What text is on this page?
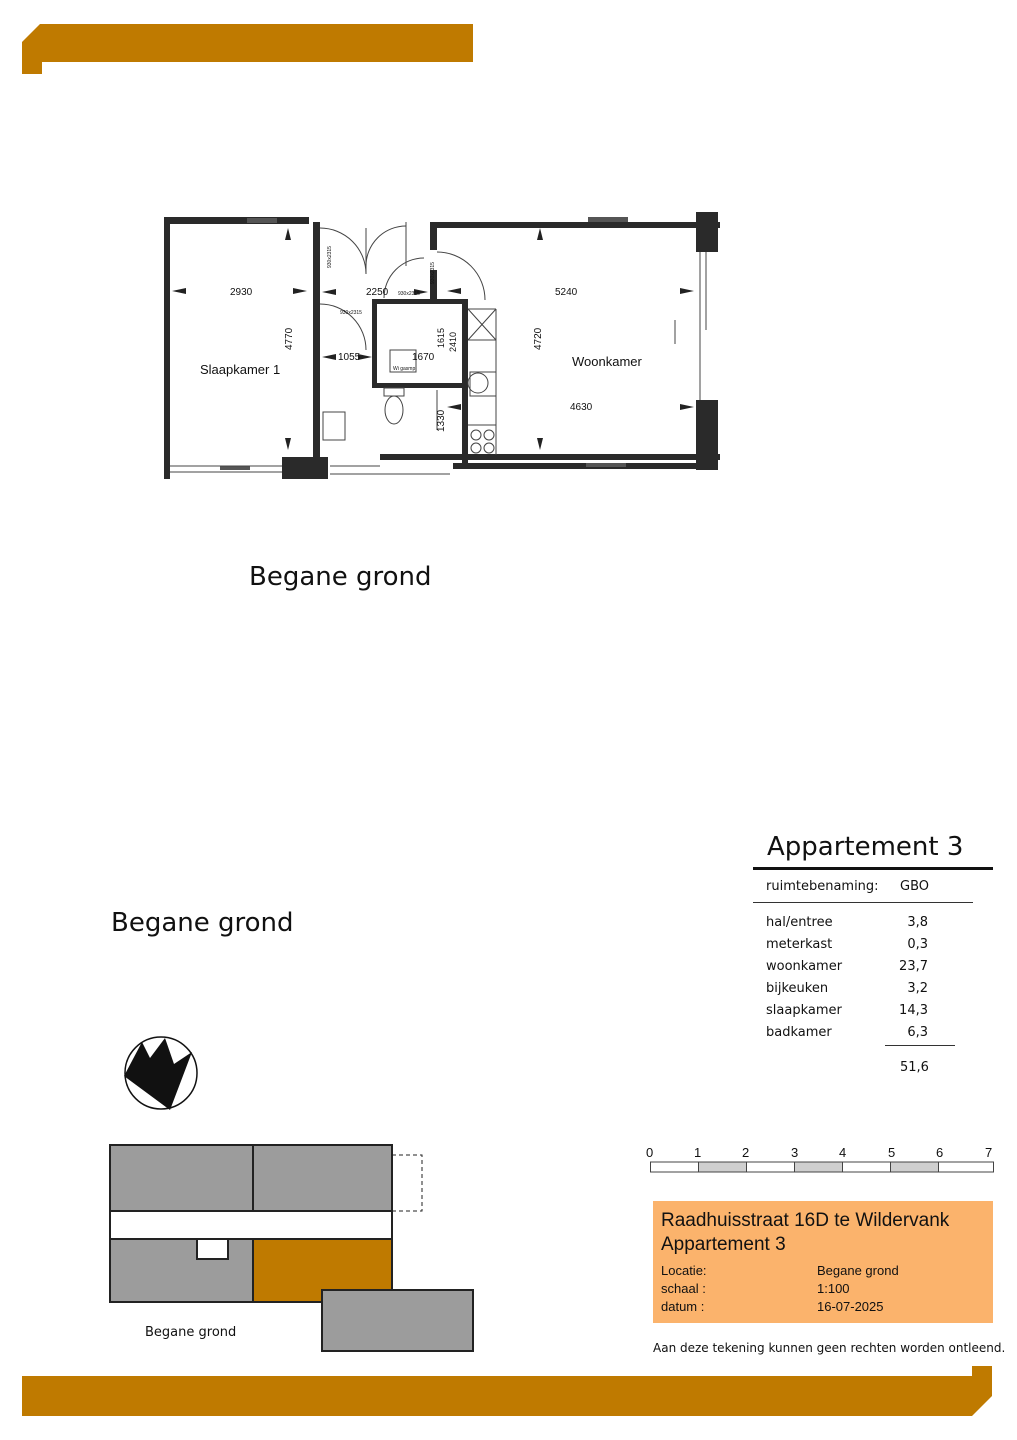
2930
4770
Slaapkamer 1
2250
1055	1670
1615 2410
1330
5240
4720
Woonkamer
4630
930x2315
930x2315
930x2315
930x2315
Wi gasmp
Begane grond
Begane grond
Appartement 3
ruimtebenaming: GBO
hal/entree	3,8
meterkast	0,3
woonkamer	23,7
bijkeuken	3,2
slaapkamer	14,3
badkamer	6,3
51,6
Begane grond
0	1	2	3	4	5	6	7
Raadhuisstraat 16D te Wildervank
Appartement 3
Locatie:	Begane grond
schaal :	1:100
datum :	16-07-2025
Aan deze tekening kunnen geen rechten worden ontleend.
